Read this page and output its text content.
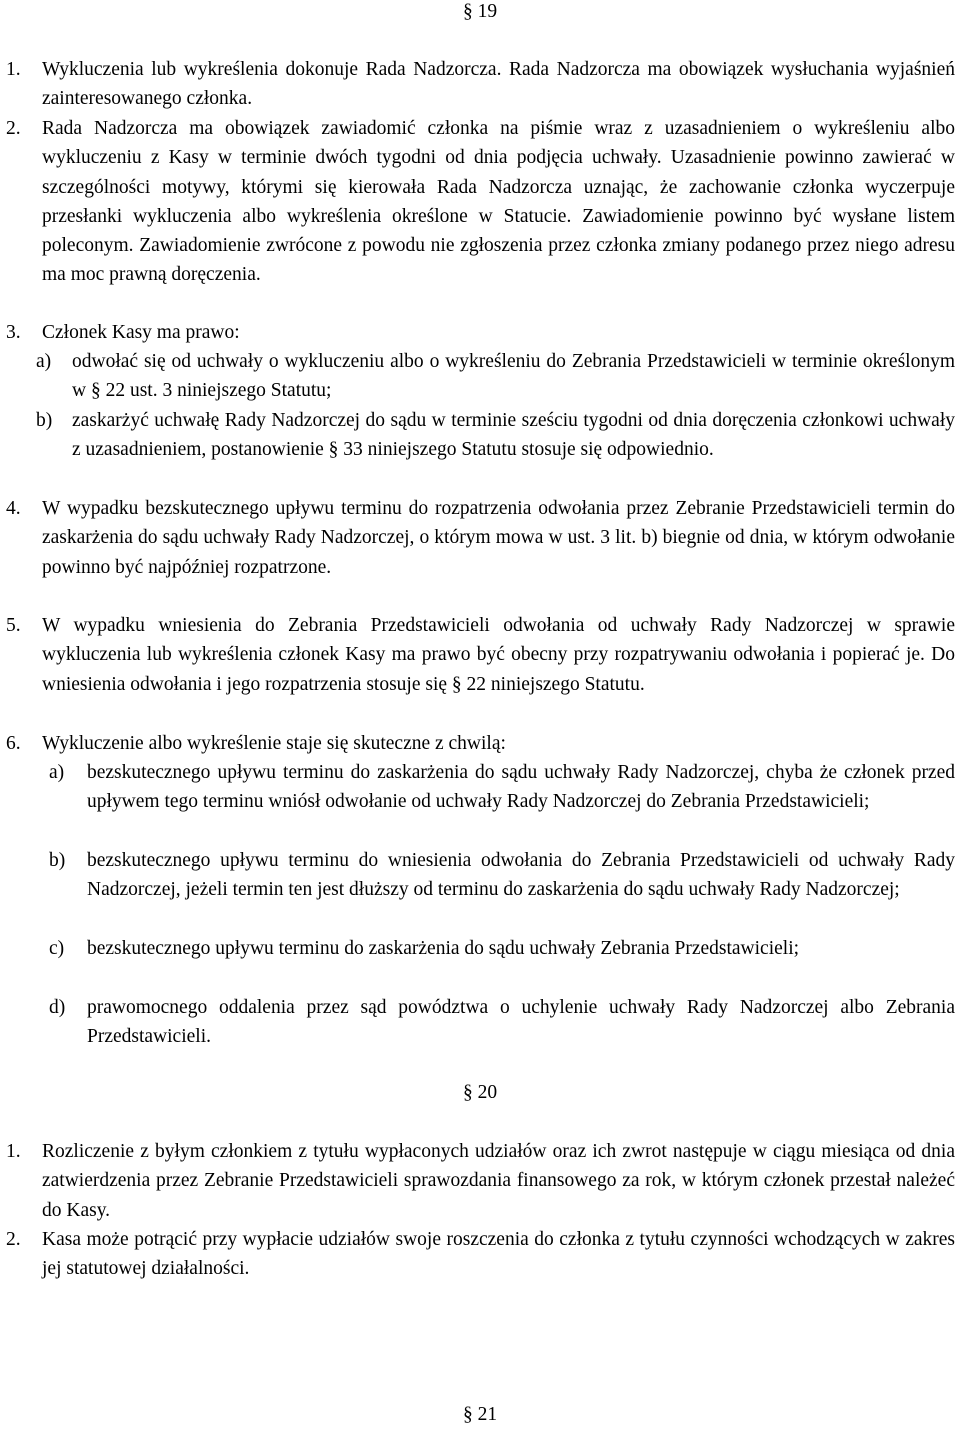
§ 19
1. Wykluczenia lub wykreślenia dokonuje Rada Nadzorcza. Rada Nadzorcza ma obowiązek wysłuchania wyjaśnień zainteresowanego członka.

2. Rada Nadzorcza ma obowiązek zawiadomić członka na piśmie wraz z uzasadnieniem o wykreśleniu albo wykluczeniu z Kasy w terminie dwóch tygodni od dnia podjęcia uchwały. Uzasadnienie powinno zawierać w szczególności motywy, którymi się kierowała Rada Nadzorcza uznając, że zachowanie członka wyczerpuje przesłanki wykluczenia albo wykreślenia określone w Statucie. Zawiadomienie powinno być wysłane listem poleconym. Zawiadomienie zwrócone z powodu nie zgłoszenia przez członka zmiany podanego przez niego adresu ma moc prawną doręczenia.

3. Członek Kasy ma prawo:

a) odwołać się od uchwały o wykluczeniu albo o wykreśleniu do Zebrania Przedstawicieli w terminie określonym w § 22 ust. 3 niniejszego Statutu;

b) zaskarżyć uchwałę Rady Nadzorczej do sądu w terminie sześciu tygodni od dnia doręczenia członkowi uchwały z uzasadnieniem, postanowienie § 33 niniejszego Statutu stosuje się odpowiednio.

4. W wypadku bezskutecznego upływu terminu do rozpatrzenia odwołania przez Zebranie Przedstawicieli termin do zaskarżenia do sądu uchwały Rady Nadzorczej, o którym mowa w ust. 3 lit. b) biegnie od dnia, w którym odwołanie powinno być najpóźniej rozpatrzone.

5. W wypadku wniesienia do Zebrania Przedstawicieli odwołania od uchwały Rady Nadzorczej w sprawie wykluczenia lub wykreślenia członek Kasy ma prawo być obecny przy rozpatrywaniu odwołania i popierać je. Do wniesienia odwołania i jego rozpatrzenia stosuje się § 22 niniejszego Statutu.

6. Wykluczenie albo wykreślenie staje się skuteczne z chwilą:

a) bezskutecznego upływu terminu do zaskarżenia do sądu uchwały Rady Nadzorczej, chyba że członek przed upływem tego terminu wniósł odwołanie od uchwały Rady Nadzorczej do Zebrania Przedstawicieli;

b) bezskutecznego upływu terminu do wniesienia odwołania do Zebrania Przedstawicieli od uchwały Rady Nadzorczej, jeżeli termin ten jest dłuższy od terminu do zaskarżenia do sądu uchwały Rady Nadzorczej;

c) bezskutecznego upływu terminu do zaskarżenia do sądu uchwały Zebrania Przedstawicieli;

d) prawomocnego oddalenia przez sąd powództwa o uchylenie uchwały Rady Nadzorczej albo Zebrania Przedstawicieli.

§ 20
1. Rozliczenie z byłym członkiem z tytułu wypłaconych udziałów oraz ich zwrot następuje w ciągu miesiąca od dnia zatwierdzenia przez Zebranie Przedstawicieli sprawozdania finansowego za rok, w którym członek przestał należeć do Kasy.

2. Kasa może potrącić przy wypłacie udziałów swoje roszczenia do członka z tytułu czynności wchodzących w zakres jej statutowej działalności.

§ 21
